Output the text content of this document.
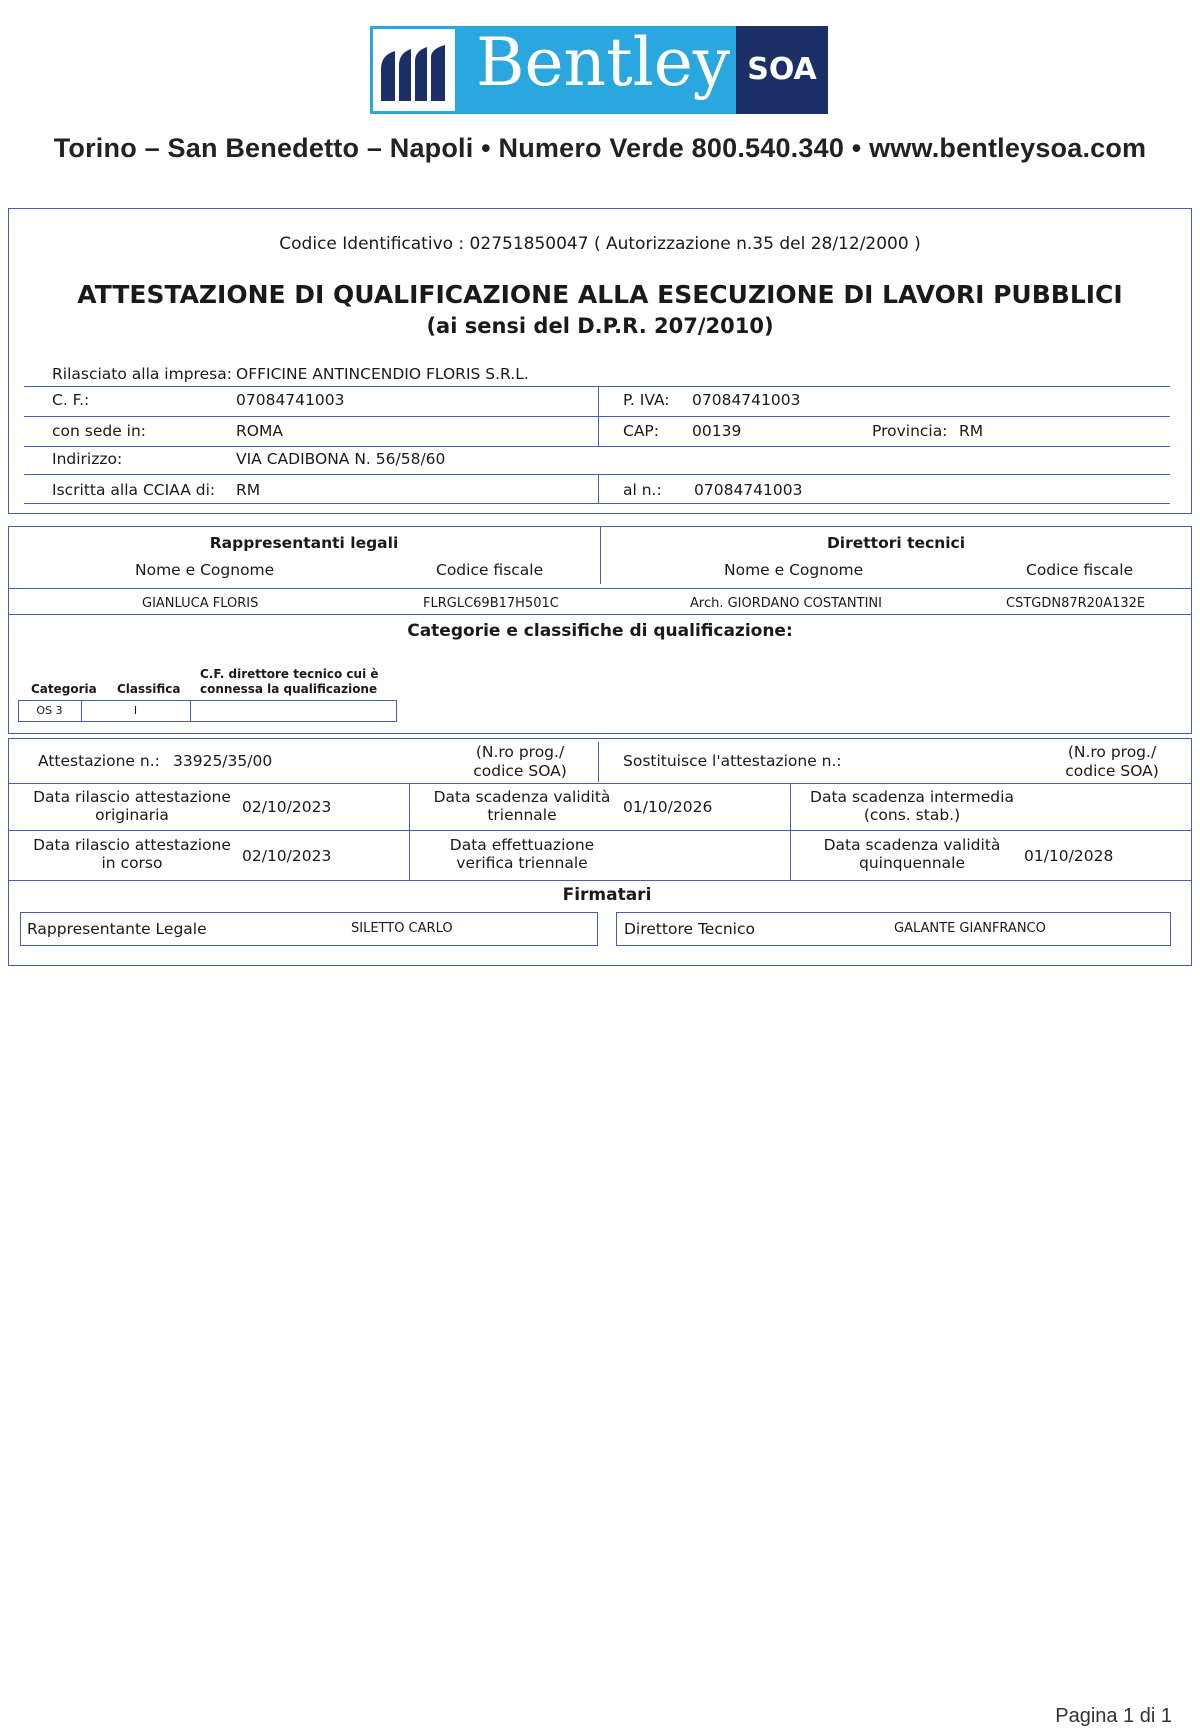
Bentley SOA
Torino – San Benedetto – Napoli • Numero Verde 800.540.340 • www.bentleysoa.com
Codice Identificativo : 02751850047 ( Autorizzazione n.35 del 28/12/2000 )
ATTESTAZIONE DI QUALIFICAZIONE ALLA ESECUZIONE DI LAVORI PUBBLICI
(ai sensi del D.P.R. 207/2010)
Rilasciato alla impresa: OFFICINE ANTINCENDIO FLORIS S.R.L.
C. F.:	07084741003	P. IVA: 07084741003
con sede in:	ROMA	CAP: 00139	Provincia: RM
Indirizzo:	VIA CADIBONA N. 56/58/60
Iscritta alla CCIAA di: RM	al n.: 07084741003
Rappresentanti legali	Direttori tecnici
Nome e Cognome	Codice fiscale	Nome e Cognome	Codice fiscale
GIANLUCA FLORIS	FLRGLC69B17H501C	Arch. GIORDANO COSTANTINI	CSTGDN87R20A132E
Categorie e classifiche di qualificazione:
Categoria Classifica
C.F. direttore tecnico cui è
connessa la qualificazione
OS 3	I
Attestazione n.: 33925/35/00	(N.ro prog./
codice SOA)
Sostituisce l'attestazione n.:	(N.ro prog./
codice SOA)
Data rilascio attestazione
originaria	02/10/2023
Data scadenza validità
triennale	01/10/2026
Data scadenza intermedia
(cons. stab.)
Data rilascio attestazione
in corso	02/10/2023
Data effettuazione
verifica triennale
Data scadenza validità
quinquennale	01/10/2028
Firmatari
Rappresentante Legale	SILETTO CARLO	Direttore Tecnico	GALANTE GIANFRANCO
Pagina 1 di 1
